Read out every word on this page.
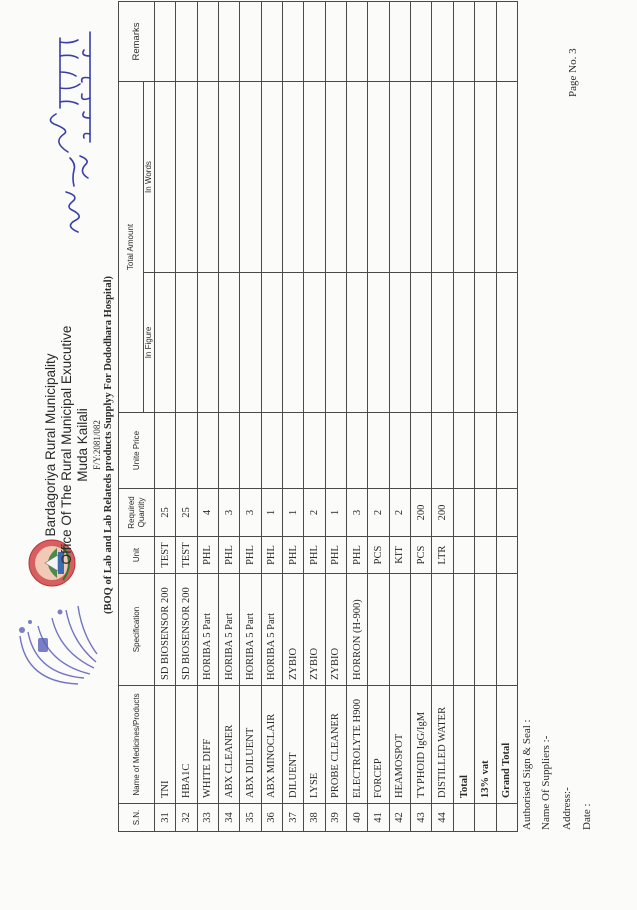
Bardagoriya Rural Municipality Office Of The Rural Municipal Exucutive Muda Kailali F/Y:2081/082 (BOQ of Lab and Lab Relateds products Supplyy For Dododhara Hospital)
S.N.	Name of Medicines/Products	Specification	Unit	Required Quantity	Unite Price	Total Amount		Remarks
						In Figure	In Words	
31	TNI	SD BIOSENSOR 200	TEST	25				
32	HBA1C	SD BIOSENSOR 200	TEST	25				
33	WHITE DIFF	HORIBA 5 Part	PHL	4				
34	ABX CLEANER	HORIBA 5 Part	PHL	3				
35	ABX DILUENT	HORIBA 5 Part	PHL	3				
36	ABX MINOCLAIR	HORIBA 5 Part	PHL	1				
37	DILUENT	ZYBIO	PHL	1				
38	LYSE	ZYBIO	PHL	2				
39	PROBE CLEANER	ZYBIO	PHL	1				
40	ELECTROLYTE H900	HORRON (H-900)	PHL	3				
41	FORCEP		PCS	2				
42	HEAMOSPOT		KIT	2				
43	TYPHOID IgG/IgM		PCS	200				
44	DISTILLED WATER		LTR	200				
	Total							
	13% vat							
	Grand Total							Authorised Sign & Seal : Name Of Suppliers :- Address:- Date :
Page No. 3
